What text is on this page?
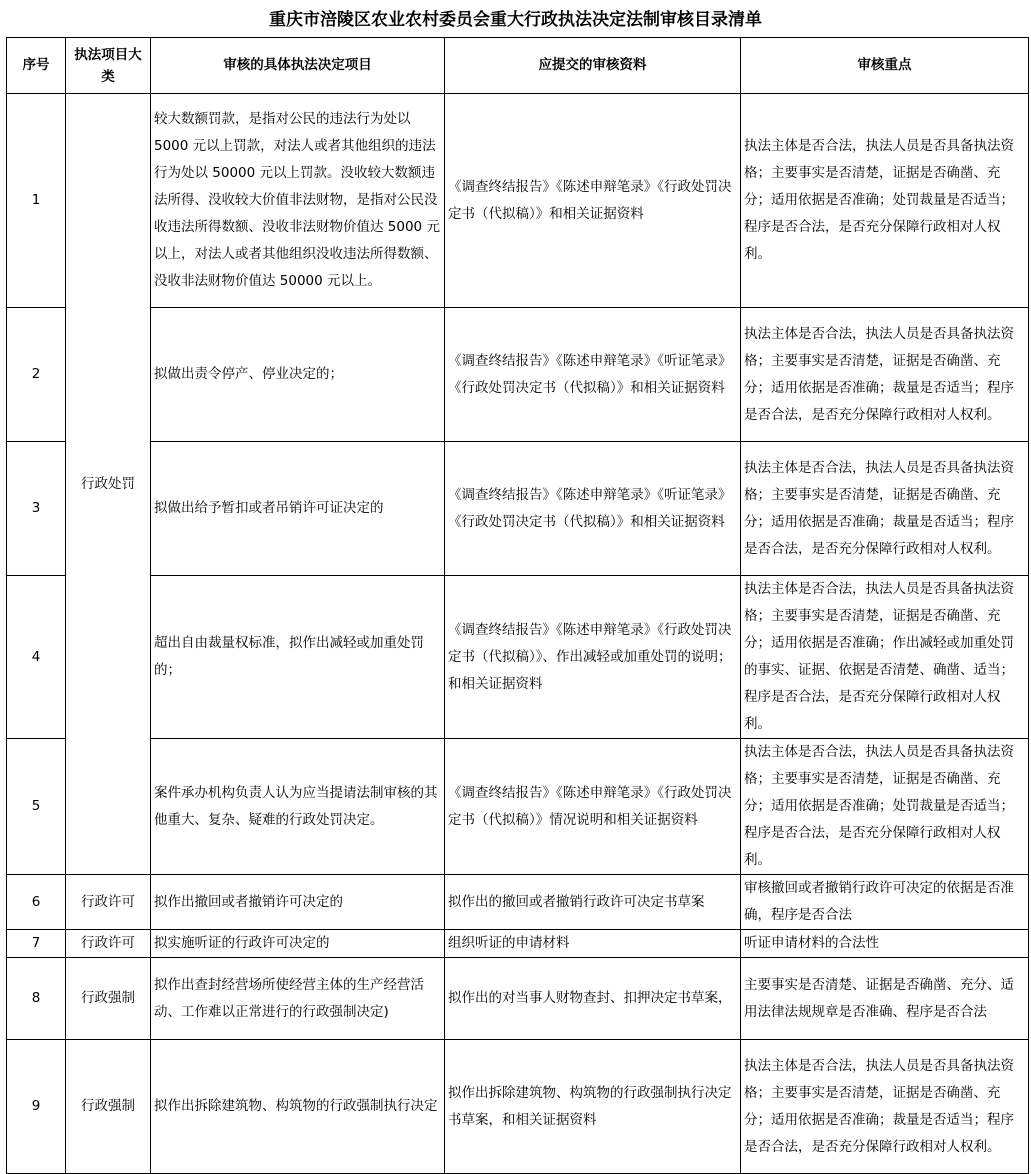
重庆市涪陵区农业农村委员会重大行政执法决定法制审核目录清单
序号	执法项目大类	审核的具体执法决定项目	应提交的审核资料	审核重点
1	行政处罚	较大数额罚款，是指对公民的违法行为处以 5000 元以上罚款，对法人或者其他组织的违法行为处以 50000 元以上罚款。没收较大数额违法所得、没收较大价值非法财物，是指对公民没收违法所得数额、没收非法财物价值达 5000 元以上，对法人或者其他组织没收违法所得数额、没收非法财物价值达 50000 元以上。	《调查终结报告》《陈述申辩笔录》《行政处罚决定书（代拟稿）》和相关证据资料	执法主体是否合法，执法人员是否具备执法资格；主要事实是否清楚，证据是否确凿、充分；适用依据是否准确；处罚裁量是否适当；程序是否合法，是否充分保障行政相对人权利。
2		拟做出责令停产、停业决定的；	《调查终结报告》《陈述申辩笔录》《听证笔录》《行政处罚决定书（代拟稿）》和相关证据资料	执法主体是否合法，执法人员是否具备执法资格；主要事实是否清楚，证据是否确凿、充分；适用依据是否准确；裁量是否适当；程序是否合法，是否充分保障行政相对人权利。
3		拟做出给予暂扣或者吊销许可证决定的	《调查终结报告》《陈述申辩笔录》《听证笔录》《行政处罚决定书（代拟稿）》和相关证据资料	执法主体是否合法，执法人员是否具备执法资格；主要事实是否清楚，证据是否确凿、充分；适用依据是否准确；裁量是否适当；程序是否合法，是否充分保障行政相对人权利。
4		超出自由裁量权标准，拟作出减轻或加重处罚的；	《调查终结报告》《陈述申辩笔录》《行政处罚决定书（代拟稿）》、作出减轻或加重处罚的说明；和相关证据资料	执法主体是否合法，执法人员是否具备执法资格；主要事实是否清楚，证据是否确凿、充分；适用依据是否准确；作出减轻或加重处罚的事实、证据、依据是否清楚、确凿、适当；程序是否合法，是否充分保障行政相对人权利。
5		案件承办机构负责人认为应当提请法制审核的其他重大、复杂、疑难的行政处罚决定。	《调查终结报告》《陈述申辩笔录》《行政处罚决定书（代拟稿）》情况说明和相关证据资料	执法主体是否合法，执法人员是否具备执法资格；主要事实是否清楚，证据是否确凿、充分；适用依据是否准确；处罚裁量是否适当；程序是否合法，是否充分保障行政相对人权利。
6	行政许可	拟作出撤回或者撤销许可决定的	拟作出的撤回或者撤销行政许可决定书草案	审核撤回或者撤销行政许可决定的依据是否准确，程序是否合法
7	行政许可	拟实施听证的行政许可决定的	组织听证的申请材料	听证申请材料的合法性
8	行政强制	拟作出查封经营场所使经营主体的生产经营活动、工作难以正常进行的行政强制决定)	拟作出的对当事人财物查封、扣押决定书草案，	主要事实是否清楚、证据是否确凿、充分、适用法律法规规章是否准确、程序是否合法
9	行政强制	拟作出拆除建筑物、构筑物的行政强制执行决定	拟作出拆除建筑物、构筑物的行政强制执行决定书草案，和相关证据资料	执法主体是否合法，执法人员是否具备执法资格；主要事实是否清楚，证据是否确凿、充分；适用依据是否准确；裁量是否适当；程序是否合法，是否充分保障行政相对人权利。
